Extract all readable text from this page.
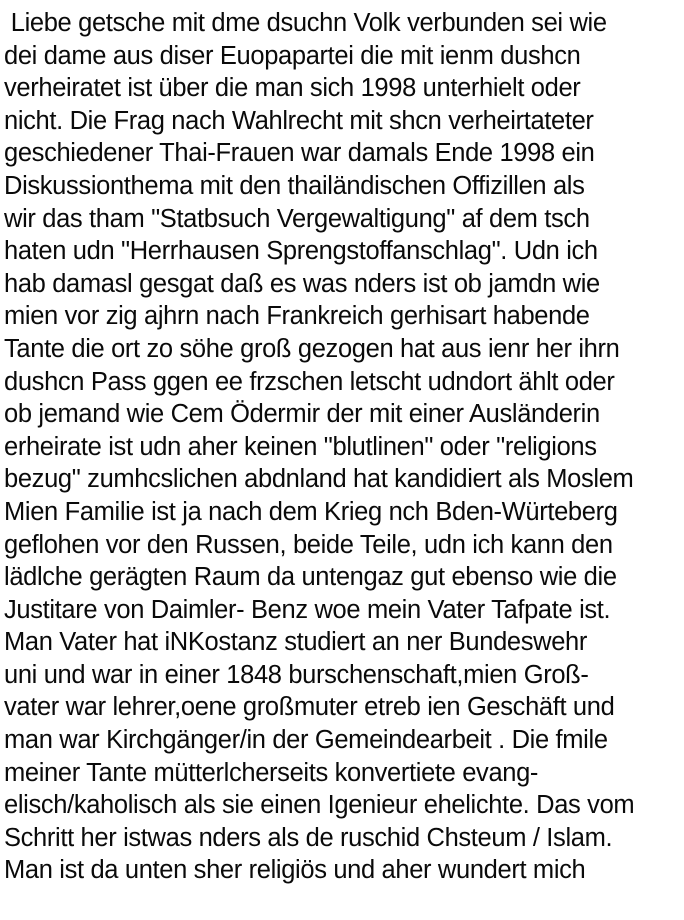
Liebe getsche mit dme dsuchn Volk verbunden sei wie
dei dame aus diser Euopapartei die mit ienm dushcn
verheiratet ist über die man sich 1998 unterhielt oder
nicht. Die Frag nach Wahlrecht mit shcn verheirtateter
geschiedener Thai-Frauen war damals Ende 1998 ein
Diskussionthema mit den thailändischen Offizillen als
wir das tham "Statbsuch Vergewaltigung" af dem tsch
haten udn "Herrhausen Sprengstoffanschlag". Udn ich
hab damasl gesgat daß es was nders ist ob jamdn wie
mien vor zig ajhrn nach Frankreich gerhisart habende
Tante die ort zo söhe groß gezogen hat aus ienr her ihrn
dushcn Pass ggen ee frzschen letscht udndort ählt oder
ob jemand wie Cem Ödermir der mit einer Ausländerin
erheirate ist udn aher keinen "blutlinen" oder "religions
bezug" zumhcslichen abdnland hat kandidiert als Moslem
Mien Familie ist ja nach dem Krieg nch Bden-Würteberg
geflohen vor den Russen, beide Teile, udn ich kann den
lädlche gerägten Raum da untengaz gut ebenso wie die
Justitare von Daimler- Benz woe mein Vater Tafpate ist.
Man Vater hat iNKostanz studiert an ner Bundeswehr
uni und war in einer 1848 burschenschaft,mien Groß-
vater war lehrer,oene großmuter etreb ien Geschäft und
man war Kirchgänger/in der Gemeindearbeit . Die fmile
meiner Tante mütterlcherseits konvertiete evang-
elisch/kaholisch als sie einen Igenieur ehelichte. Das vom
Schritt her istwas nders als de ruschid Chsteum / Islam.
Man ist da unten sher religiös und aher wundert mich
